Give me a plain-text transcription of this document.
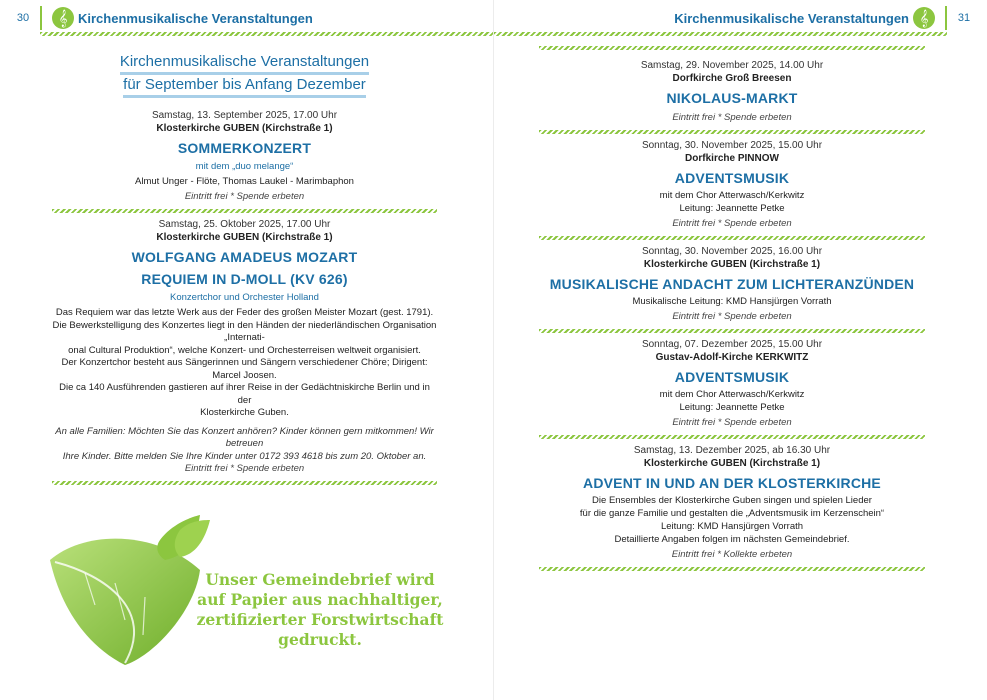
30	𝄞 Kirchenmusikalische Veranstaltungen
Kirchenmusikalische Veranstaltungen
für September bis Anfang Dezember
Samstag, 13. September 2025, 17.00 Uhr
Klosterkirche GUBEN (Kirchstraße 1)
SOMMERKONZERT
mit dem „duo melange“
Almut Unger - Flöte, Thomas Laukel - Marimbaphon
Eintritt frei * Spende erbeten
Samstag, 25. Oktober 2025, 17.00 Uhr
Klosterkirche GUBEN (Kirchstraße 1)
WOLFGANG AMADEUS MOZART
REQUIEM IN D-MOLL (KV 626)
Konzertchor und Orchester Holland
Das Requiem war das letzte Werk aus der Feder des großen Meister Mozart (gest. 1791).
Die Bewerkstelligung des Konzertes liegt in den Händen der niederländischen Organisation „Internati-
onal Cultural Produktion“, welche Konzert- und Orchesterreisen weltweit organisiert.
Der Konzertchor besteht aus Sängerinnen und Sängern verschiedener Chöre; Dirigent: Marcel Joosen.
Die ca 140 Ausführenden gastieren auf ihrer Reise in der Gedächtniskirche Berlin und in der
Klosterkirche Guben.
An alle Familien: Möchten Sie das Konzert anhören? Kinder können gern mitkommen! Wir betreuen
Ihre Kinder. Bitte melden Sie Ihre Kinder unter 0172 393 4618 bis zum 20. Oktober an.
Eintritt frei * Spende erbeten
Unser Gemeindebrief wird
auf Papier aus nachhaltiger,
zertifizierter Forstwirtschaft gedruckt.
Kirchenmusikalische Veranstaltungen 𝄞	31
Samstag, 29. November 2025, 14.00 Uhr
Dorfkirche Groß Breesen
NIKOLAUS-MARKT
Eintritt frei * Spende erbeten
Sonntag, 30. November 2025, 15.00 Uhr
Dorfkirche PINNOW
ADVENTSMUSIK
mit dem Chor Atterwasch/Kerkwitz
Leitung: Jeannette Petke
Eintritt frei * Spende erbeten
Sonntag, 30. November 2025, 16.00 Uhr
Klosterkirche GUBEN (Kirchstraße 1)
MUSIKALISCHE ANDACHT ZUM LICHTERANZÜNDEN
Musikalische Leitung: KMD Hansjürgen Vorrath
Eintritt frei * Spende erbeten
Sonntag, 07. Dezember 2025, 15.00 Uhr
Gustav-Adolf-Kirche KERKWITZ
ADVENTSMUSIK
mit dem Chor Atterwasch/Kerkwitz
Leitung: Jeannette Petke
Eintritt frei * Spende erbeten
Samstag, 13. Dezember 2025, ab 16.30 Uhr
Klosterkirche GUBEN (Kirchstraße 1)
ADVENT IN UND AN DER KLOSTERKIRCHE
Die Ensembles der Klosterkirche Guben singen und spielen Lieder
für die ganze Familie und gestalten die „Adventsmusik im Kerzenschein“
Leitung: KMD Hansjürgen Vorrath
Detaillierte Angaben folgen im nächsten Gemeindebrief.
Eintritt frei * Kollekte erbeten
